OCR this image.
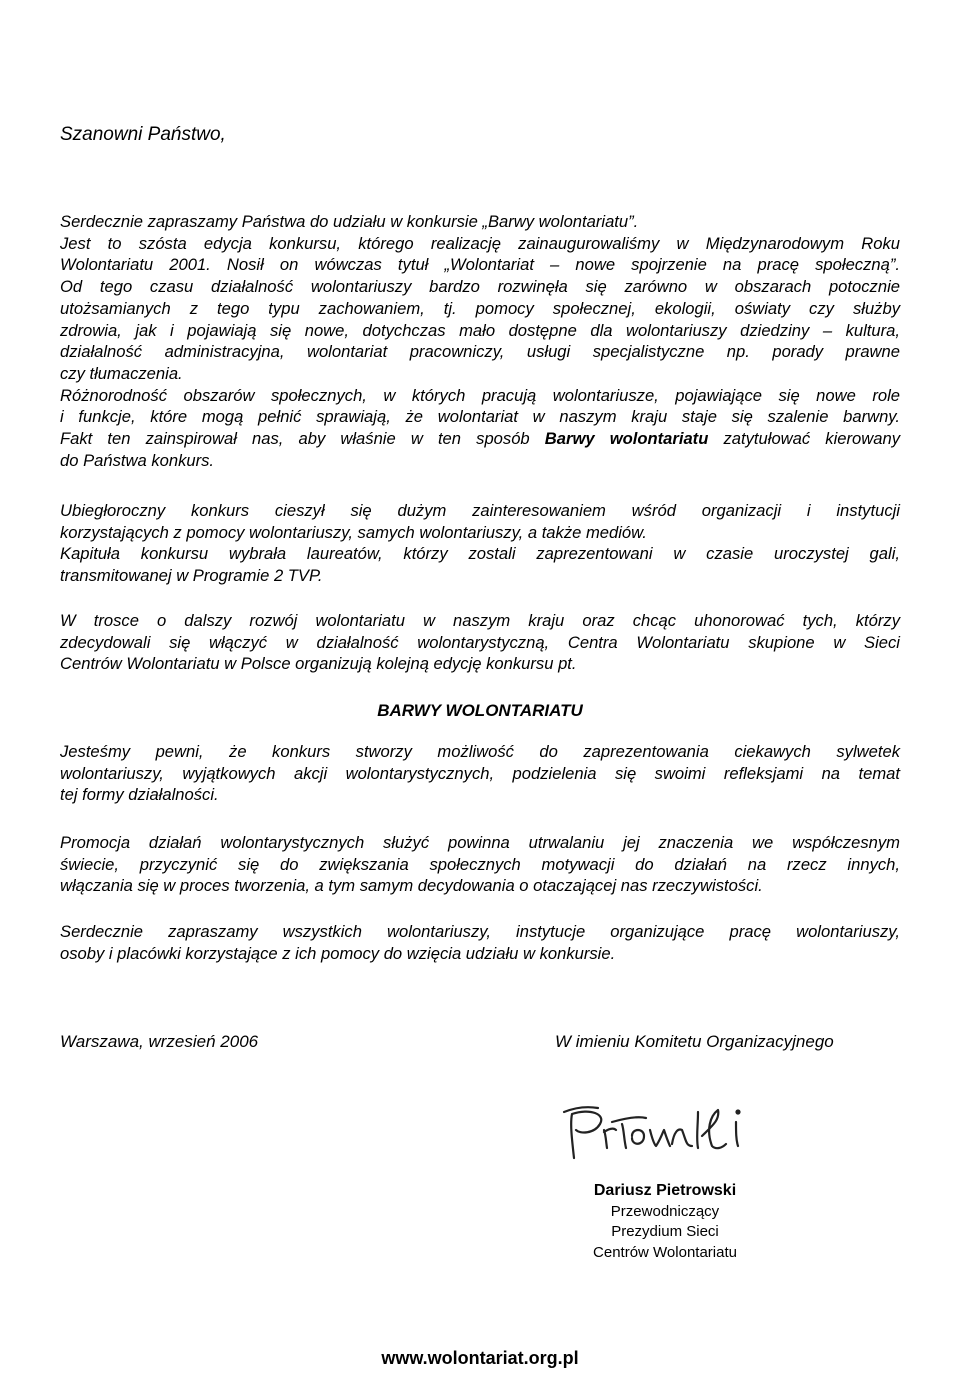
Szanowni Państwo,
Serdecznie zapraszamy Państwa do udziału w konkursie „Barwy wolontariatu”.
Jest to szósta edycja konkursu, którego realizację zainaugurowaliśmy w Międzynarodowym Roku
Wolontariatu 2001. Nosił on wówczas tytuł „Wolontariat – nowe spojrzenie na pracę społeczną”.
Od tego czasu działalność wolontariuszy bardzo rozwinęła się zarówno w obszarach potocznie
utożsamianych z tego typu zachowaniem, tj. pomocy społecznej, ekologii, oświaty czy służby
zdrowia, jak i pojawiają się nowe, dotychczas mało dostępne dla wolontariuszy dziedziny – kultura,
działalność administracyjna, wolontariat pracowniczy, usługi specjalistyczne np. porady prawne
czy tłumaczenia.
Różnorodność obszarów społecznych, w których pracują wolontariusze, pojawiające się nowe role
i funkcje, które mogą pełnić sprawiają, że wolontariat w naszym kraju staje się szalenie barwny.
Fakt ten zainspirował nas, aby właśnie w ten sposób Barwy wolontariatu zatytułować kierowany
do Państwa konkurs.
Ubiegłoroczny konkurs cieszył się dużym zainteresowaniem wśród organizacji i instytucji
korzystających z pomocy wolontariuszy, samych wolontariuszy, a także mediów.
Kapituła konkursu wybrała laureatów, którzy zostali zaprezentowani w czasie uroczystej gali,
transmitowanej w Programie 2 TVP.
W trosce o dalszy rozwój wolontariatu w naszym kraju oraz chcąc uhonorować tych, którzy
zdecydowali się włączyć w działalność wolontarystyczną, Centra Wolontariatu skupione w Sieci
Centrów Wolontariatu w Polsce organizują kolejną edycję konkursu pt.
BARWY WOLONTARIATU
Jesteśmy pewni, że konkurs stworzy możliwość do zaprezentowania ciekawych sylwetek
wolontariuszy, wyjątkowych akcji wolontarystycznych, podzielenia się swoimi refleksjami na temat
tej formy działalności.
Promocja działań wolontarystycznych służyć powinna utrwalaniu jej znaczenia we współczesnym
świecie, przyczynić się do zwiększania społecznych motywacji do działań na rzecz innych,
włączania się w proces tworzenia, a tym samym decydowania o otaczającej nas rzeczywistości.
Serdecznie zapraszamy wszystkich wolontariuszy, instytucje organizujące pracę wolontariuszy,
osoby i placówki korzystające z ich pomocy do wzięcia udziału w konkursie.
Warszawa, wrzesień 2006	W imieniu Komitetu Organizacyjnego
Dariusz Pietrowski
Przewodniczący
Prezydium Sieci
Centrów Wolontariatu
www.wolontariat.org.pl
